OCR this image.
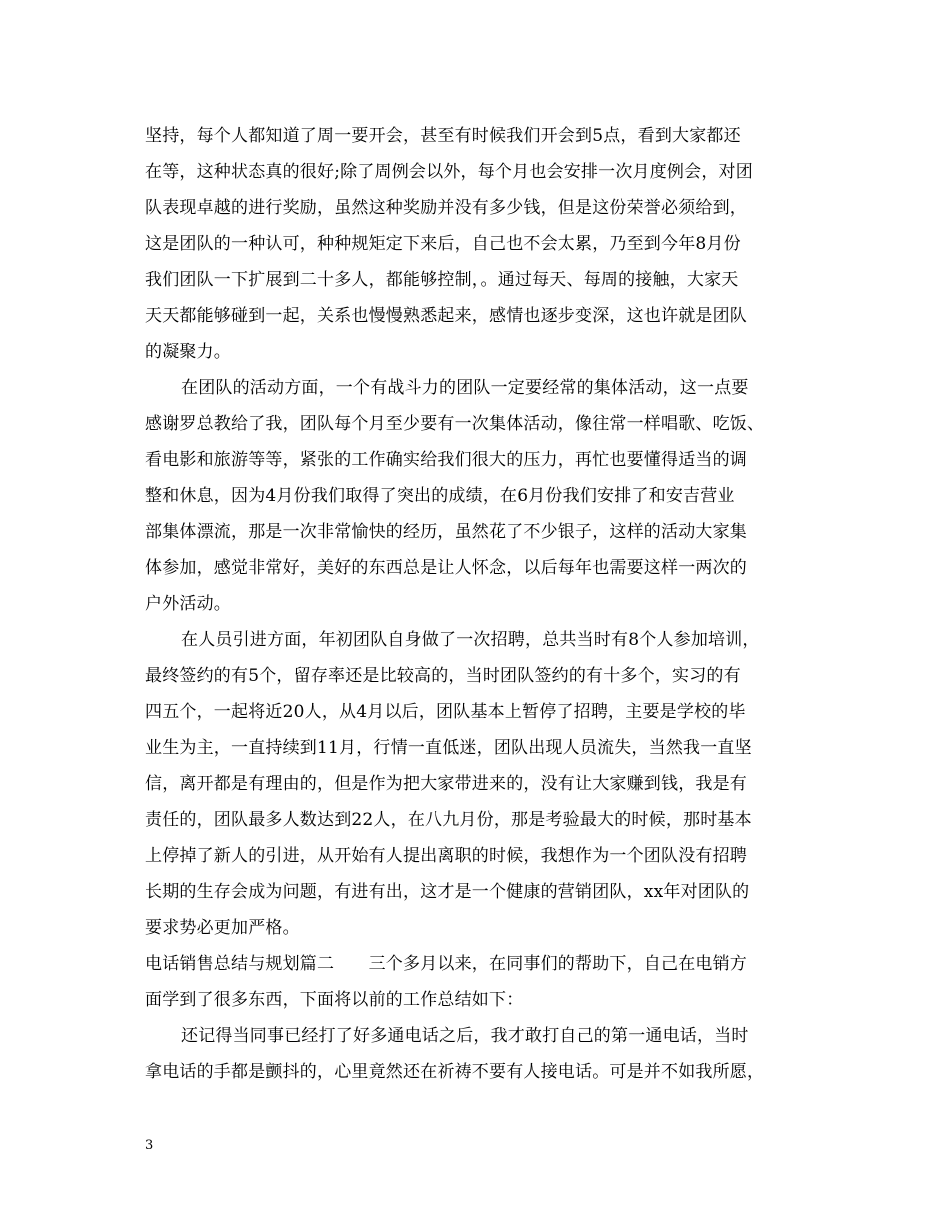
坚持，每个人都知道了周一要开会，甚至有时候我们开会到5点，看到大家都还
在等，这种状态真的很好;除了周例会以外，每个月也会安排一次月度例会，对团
队表现卓越的进行奖励，虽然这种奖励并没有多少钱，但是这份荣誉必须给到，
这是团队的一种认可，种种规矩定下来后，自己也不会太累，乃至到今年8月份
我们团队一下扩展到二十多人，都能够控制，。通过每天、每周的接触，大家天
天天都能够碰到一起，关系也慢慢熟悉起来，感情也逐步变深，这也许就是团队
的凝聚力。
在团队的活动方面，一个有战斗力的团队一定要经常的集体活动，这一点要
感谢罗总教给了我，团队每个月至少要有一次集体活动，像往常一样唱歌、吃饭、
看电影和旅游等等，紧张的工作确实给我们很大的压力，再忙也要懂得适当的调
整和休息，因为4月份我们取得了突出的成绩，在6月份我们安排了和安吉营业
部集体漂流，那是一次非常愉快的经历，虽然花了不少银子，这样的活动大家集
体参加，感觉非常好，美好的东西总是让人怀念，以后每年也需要这样一两次的
户外活动。
在人员引进方面，年初团队自身做了一次招聘，总共当时有8个人参加培训，
最终签约的有5个，留存率还是比较高的，当时团队签约的有十多个，实习的有
四五个，一起将近20人，从4月以后，团队基本上暂停了招聘，主要是学校的毕
业生为主，一直持续到11月，行情一直低迷，团队出现人员流失，当然我一直坚
信，离开都是有理由的，但是作为把大家带进来的，没有让大家赚到钱，我是有
责任的，团队最多人数达到22人，在八九月份，那是考验最大的时候，那时基本
上停掉了新人的引进，从开始有人提出离职的时候，我想作为一个团队没有招聘
长期的生存会成为问题，有进有出，这才是一个健康的营销团队，xx年对团队的
要求势必更加严格。
电话销售总结与规划篇二　　三个多月以来，在同事们的帮助下，自己在电销方
面学到了很多东西，下面将以前的工作总结如下：
还记得当同事已经打了好多通电话之后，我才敢打自己的第一通电话，当时
拿电话的手都是颤抖的，心里竟然还在祈祷不要有人接电话。可是并不如我所愿，
3
